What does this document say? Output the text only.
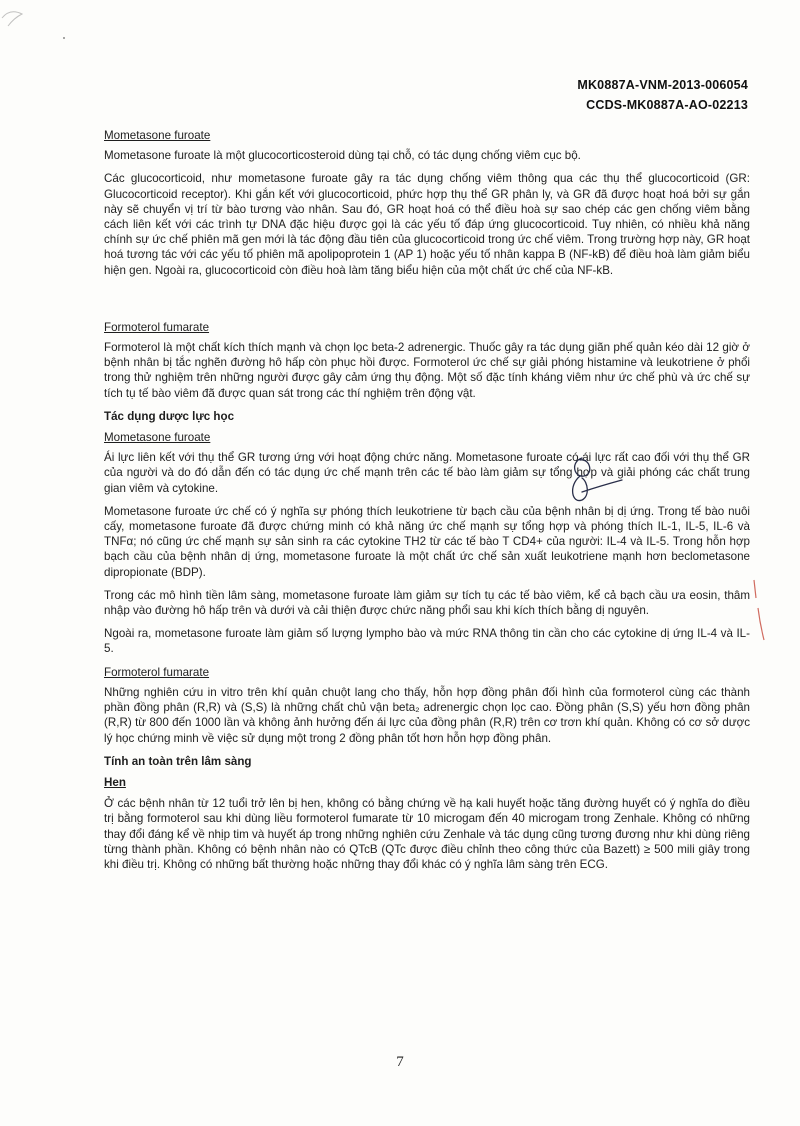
MK0887A-VNM-2013-006054
CCDS-MK0887A-AO-02213
Mometasone furoate

Mometasone furoate là một glucocorticosteroid dùng tại chỗ, có tác dụng chống viêm cục bộ.

Các glucocorticoid, như mometasone furoate gây ra tác dụng chống viêm thông qua các thụ thể glucocorticoid (GR: Glucocorticoid receptor). Khi gắn kết với glucocorticoid, phức hợp thụ thể GR phân ly, và GR đã được hoạt hoá bởi sự gắn này sẽ chuyển vị trí từ bào tương vào nhân. Sau đó, GR hoạt hoá có thể điều hoà sự sao chép các gen chống viêm bằng cách liên kết với các trình tự DNA đặc hiệu được gọi là các yếu tố đáp ứng glucocorticoid. Tuy nhiên, có nhiều khả năng chính sự ức chế phiên mã gen mới là tác động đầu tiên của glucocorticoid trong ức chế viêm. Trong trường hợp này, GR hoạt hoá tương tác với các yếu tố phiên mã apolipoprotein 1 (AP 1) hoặc yếu tố nhân kappa B (NF-kB) để điều hoà làm giảm biểu hiện gen. Ngoài ra, glucocorticoid còn điều hoà làm tăng biểu hiện của một chất ức chế của NF-kB.

Formoterol fumarate

Formoterol là một chất kích thích mạnh và chọn lọc beta-2 adrenergic. Thuốc gây ra tác dụng giãn phế quản kéo dài 12 giờ ở bệnh nhân bị tắc nghẽn đường hô hấp còn phục hồi được. Formoterol ức chế sự giải phóng histamine và leukotriene ở phổi trong thử nghiệm trên những người được gây cảm ứng thụ động. Một số đặc tính kháng viêm như ức chế phù và ức chế sự tích tụ tế bào viêm đã được quan sát trong các thí nghiệm trên động vật.

Tác dụng dược lực học
Mometasone furoate

Ái lực liên kết với thụ thể GR tương ứng với hoạt động chức năng. Mometasone furoate có ái lực rất cao đối với thụ thể GR của người và do đó dẫn đến có tác dụng ức chế mạnh trên các tế bào làm giảm sự tổng hợp và giải phóng các chất trung gian viêm và cytokine.

Mometasone furoate ức chế có ý nghĩa sự phóng thích leukotriene từ bạch cầu của bệnh nhân bị dị ứng. Trong tế bào nuôi cấy, mometasone furoate đã được chứng minh có khả năng ức chế mạnh sự tổng hợp và phóng thích IL-1, IL-5, IL-6 và TNFα; nó cũng ức chế mạnh sự sản sinh ra các cytokine TH2 từ các tế bào T CD4+ của người: IL-4 và IL-5. Trong hỗn hợp bạch cầu của bệnh nhân dị ứng, mometasone furoate là một chất ức chế sản xuất leukotriene mạnh hơn beclometasone dipropionate (BDP).

Trong các mô hình tiền lâm sàng, mometasone furoate làm giảm sự tích tụ các tế bào viêm, kể cả bạch cầu ưa eosin, thâm nhập vào đường hô hấp trên và dưới và cải thiện được chức năng phổi sau khi kích thích bằng dị nguyên.

Ngoài ra, mometasone furoate làm giảm số lượng lympho bào và mức RNA thông tin cần cho các cytokine dị ứng IL-4 và IL-5.

Formoterol fumarate

Những nghiên cứu in vitro trên khí quản chuột lang cho thấy, hỗn hợp đồng phân đối hình của formoterol cùng các thành phần đồng phân (R,R) và (S,S) là những chất chủ vận beta₂ adrenergic chọn lọc cao. Đồng phân (S,S) yếu hơn đồng phân (R,R) từ 800 đến 1000 lần và không ảnh hưởng đến ái lực của đồng phân (R,R) trên cơ trơn khí quản. Không có cơ sở dược lý học chứng minh về việc sử dụng một trong 2 đồng phân tốt hơn hỗn hợp đồng phân.

Tính an toàn trên lâm sàng
Hen

Ở các bệnh nhân từ 12 tuổi trở lên bị hen, không có bằng chứng về hạ kali huyết hoặc tăng đường huyết có ý nghĩa do điều trị bằng formoterol sau khi dùng liều formoterol fumarate từ 10 microgam đến 40 microgam trong Zenhale. Không có những thay đổi đáng kể về nhịp tim và huyết áp trong những nghiên cứu Zenhale và tác dụng cũng tương đương như khi dùng riêng từng thành phần. Không có bệnh nhân nào có QTcB (QTc được điều chỉnh theo công thức của Bazett) ≥ 500 mili giây trong khi điều trị. Không có những bất thường hoặc những thay đổi khác có ý nghĩa lâm sàng trên ECG.

7
